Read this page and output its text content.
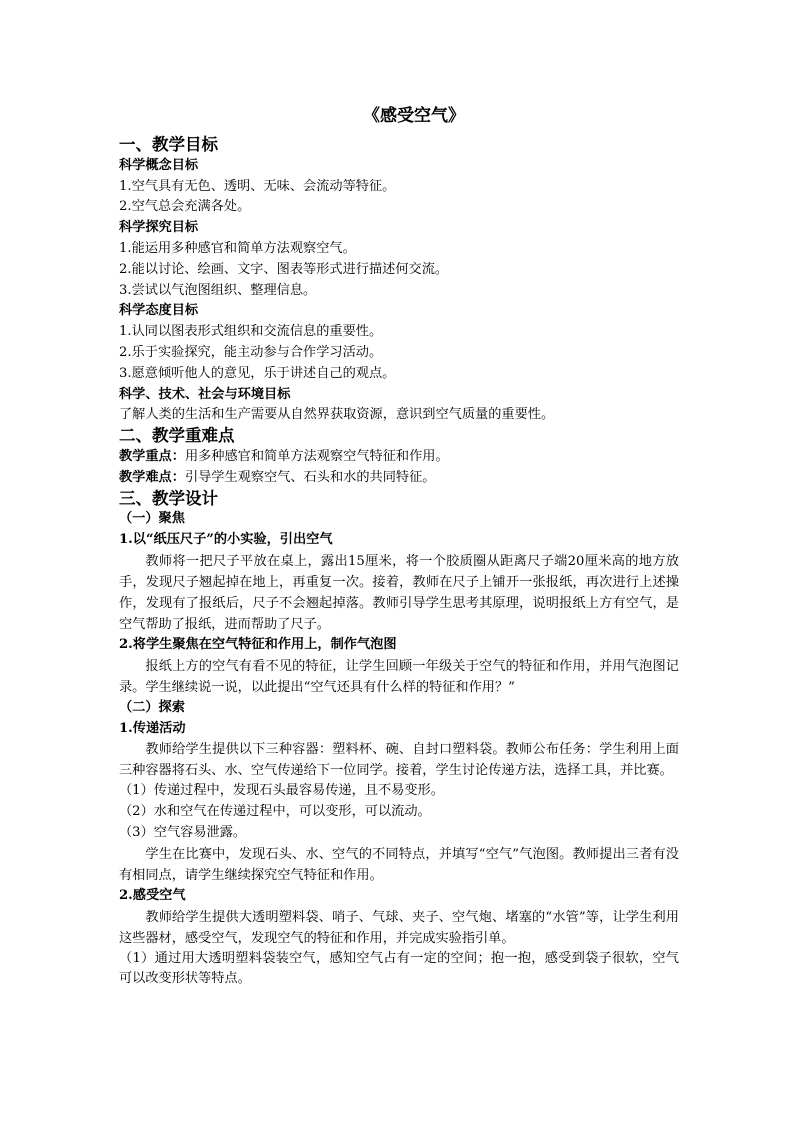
《感受空气》
一、教学目标
科学概念目标
1.空气具有无色、透明、无味、会流动等特征。
2.空气总会充满各处。
科学探究目标
1.能运用多种感官和简单方法观察空气。
2.能以讨论、绘画、文字、图表等形式进行描述何交流。
3.尝试以气泡图组织、整理信息。
科学态度目标
1.认同以图表形式组织和交流信息的重要性。
2.乐于实验探究，能主动参与合作学习活动。
3.愿意倾听他人的意见，乐于讲述自己的观点。
科学、技术、社会与环境目标
了解人类的生活和生产需要从自然界获取资源，意识到空气质量的重要性。
二、教学重难点
教学重点：用多种感官和简单方法观察空气特征和作用。
教学难点：引导学生观察空气、石头和水的共同特征。
三、教学设计
（一）聚焦
1.以“纸压尺子”的小实验，引出空气

教师将一把尺子平放在桌上，露出15厘米，将一个胶质圈从距离尺子端20厘米高的地方放手，发现尺子翘起掉在地上，再重复一次。接着，教师在尺子上铺开一张报纸，再次进行上述操作，发现有了报纸后，尺子不会翘起掉落。教师引导学生思考其原理，说明报纸上方有空气，是空气帮助了报纸，进而帮助了尺子。

2.将学生聚焦在空气特征和作用上，制作气泡图

报纸上方的空气有看不见的特征，让学生回顾一年级关于空气的特征和作用，并用气泡图记录。学生继续说一说，以此提出“空气还具有什么样的特征和作用？”

（二）探索
1.传递活动

教师给学生提供以下三种容器：塑料杯、碗、自封口塑料袋。教师公布任务：学生利用上面三种容器将石头、水、空气传递给下一位同学。接着，学生讨论传递方法，选择工具，并比赛。

（1）传递过程中，发现石头最容易传递，且不易变形。
（2）水和空气在传递过程中，可以变形，可以流动。
（3）空气容易泄露。

学生在比赛中，发现石头、水、空气的不同特点，并填写“空气”气泡图。教师提出三者有没有相同点，请学生继续探究空气特征和作用。

2.感受空气

教师给学生提供大透明塑料袋、哨子、气球、夹子、空气炮、堵塞的“水管”等，让学生利用这些器材，感受空气，发现空气的特征和作用，并完成实验指引单。

（1）通过用大透明塑料袋装空气，感知空气占有一定的空间；抱一抱，感受到袋子很软，空气可以改变形状等特点。
